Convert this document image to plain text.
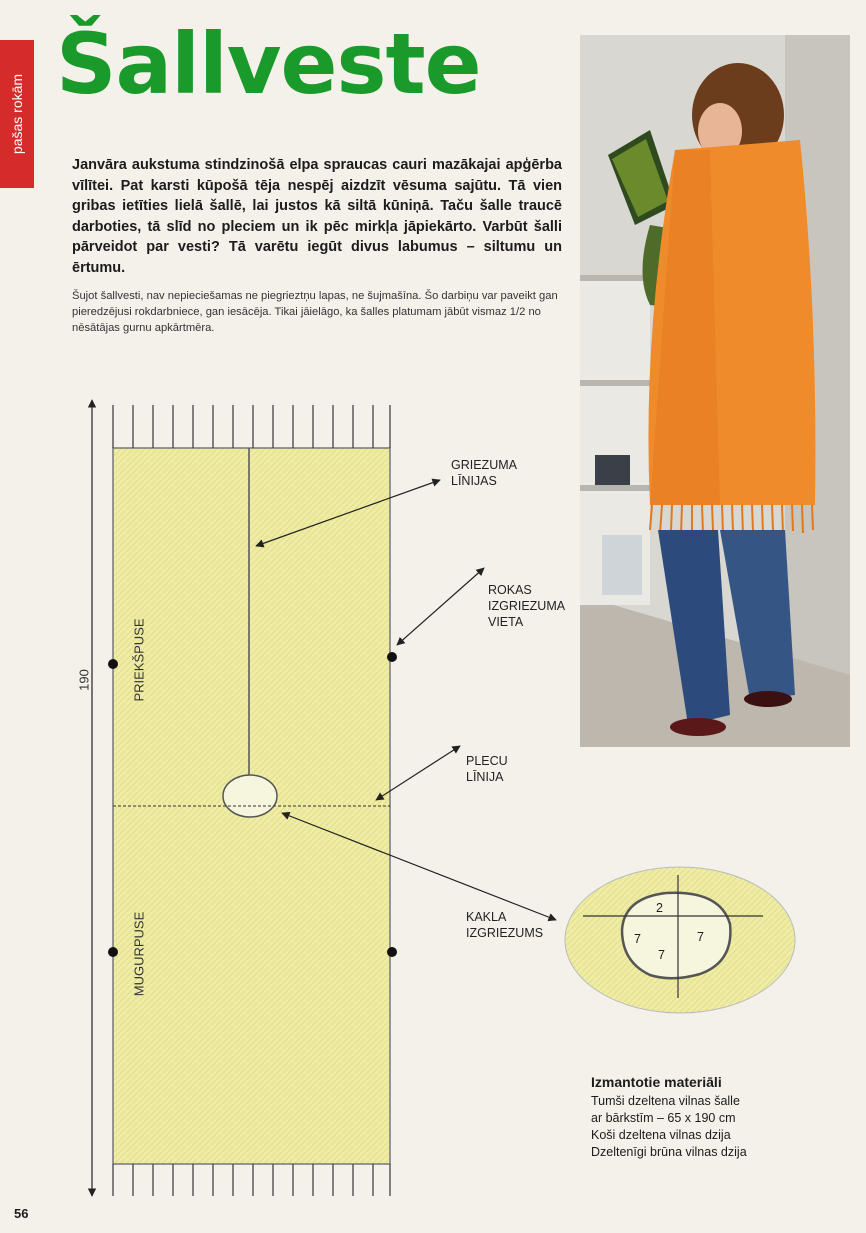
pašas rokām
Šallveste

Janvāra aukstuma stindzinošā elpa spraucas cauri mazākajai apģērba vīlītei. Pat karsti kūpošā tēja nespēj aizdzīt vēsuma sajūtu. Tā vien gribas ietīties lielā šallē, lai justos kā siltā kūniņā. Taču šalle traucē darboties, tā slīd no pleciem un ik pēc mirkļa jāpiekārto. Varbūt šalli pārveidot par vesti? Tā varētu iegūt divus labumus – siltumu un ērtumu.

Šujot šallvesti, nav nepieciešamas ne piegrieztņu lapas, ne šujmašīna. Šo darbiņu var paveikt gan pieredzējusi rokdarbniece, gan iesācēja. Tikai jāielāgo, ka šalles platumam jābūt vismaz 1/2 no nēsātājas gurnu apkārtmēra.

190	PRIEKŠPUSE
MUGURPUSE

GRIEZUMA
LĪNIJAS

ROKAS
IZGRIEZUMA
VIETA

PLECU
LĪNIJA

KAKLA
IZGRIEZUMS

2
7	7
7
Izmantotie materiāli

Tumši dzeltena vilnas šalle

ar bārkstīm – 65 x 190 cm

Koši dzeltena vilnas dzija

Dzeltenīgi brūna vilnas dzija

56
